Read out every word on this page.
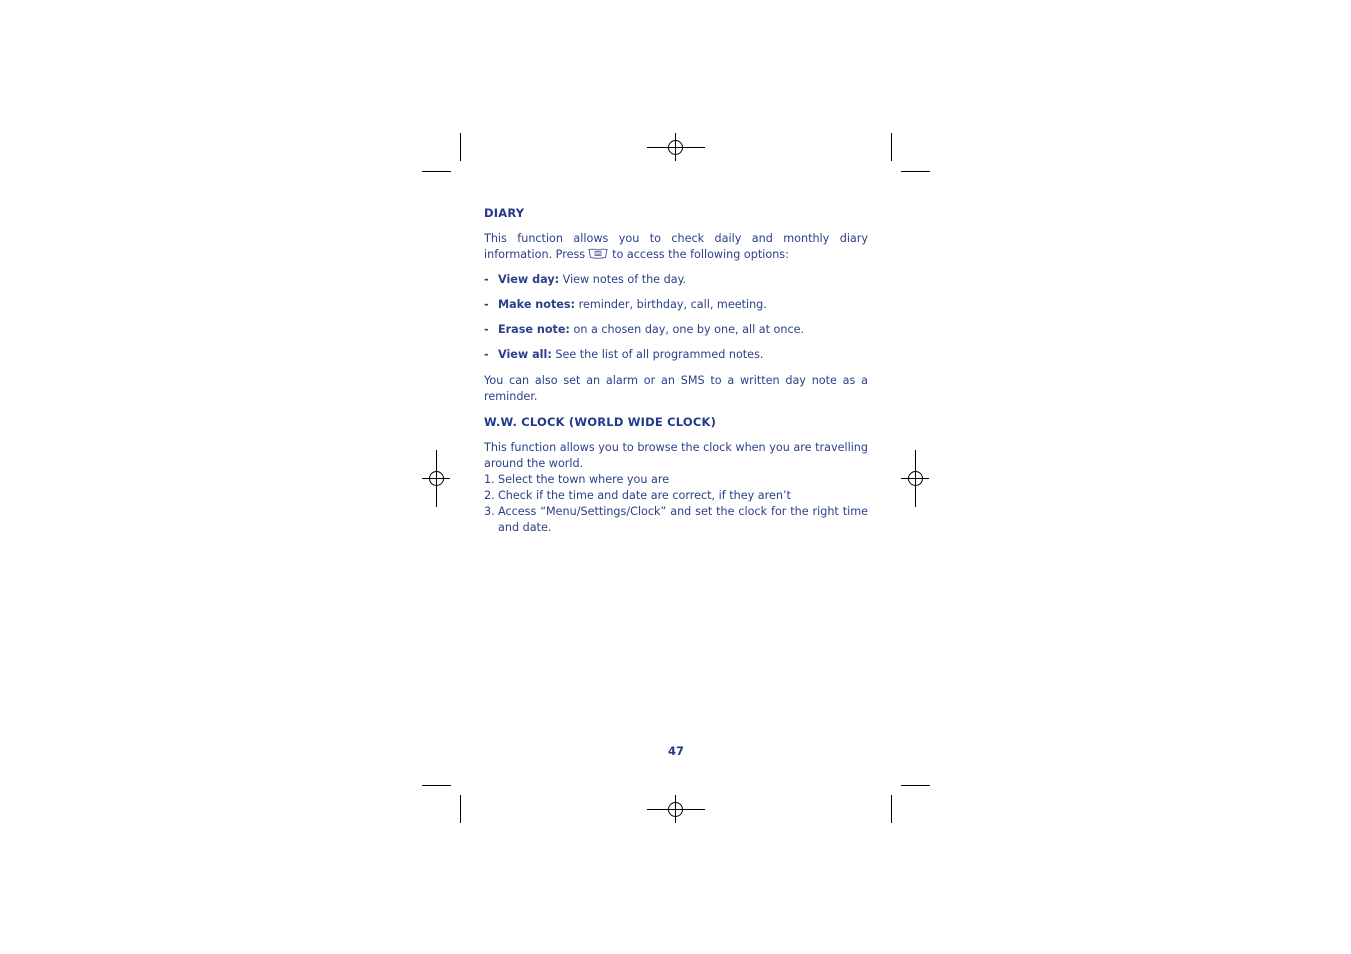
DIARY

This function allows you to check daily and monthly diary information. Press to access the following options:

- View day: View notes of the day.
- Make notes: reminder, birthday, call, meeting.
- Erase note: on a chosen day, one by one, all at once.
- View all: See the list of all programmed notes.

You can also set an alarm or an SMS to a written day note as a reminder.

W.W. CLOCK (WORLD WIDE CLOCK)

This function allows you to browse the clock when you are travelling around the world.

1. Select the town where you are
2. Check if the time and date are correct, if they aren’t
3. Access “Menu/Settings/Clock” and set the clock for the right time and date.
47
